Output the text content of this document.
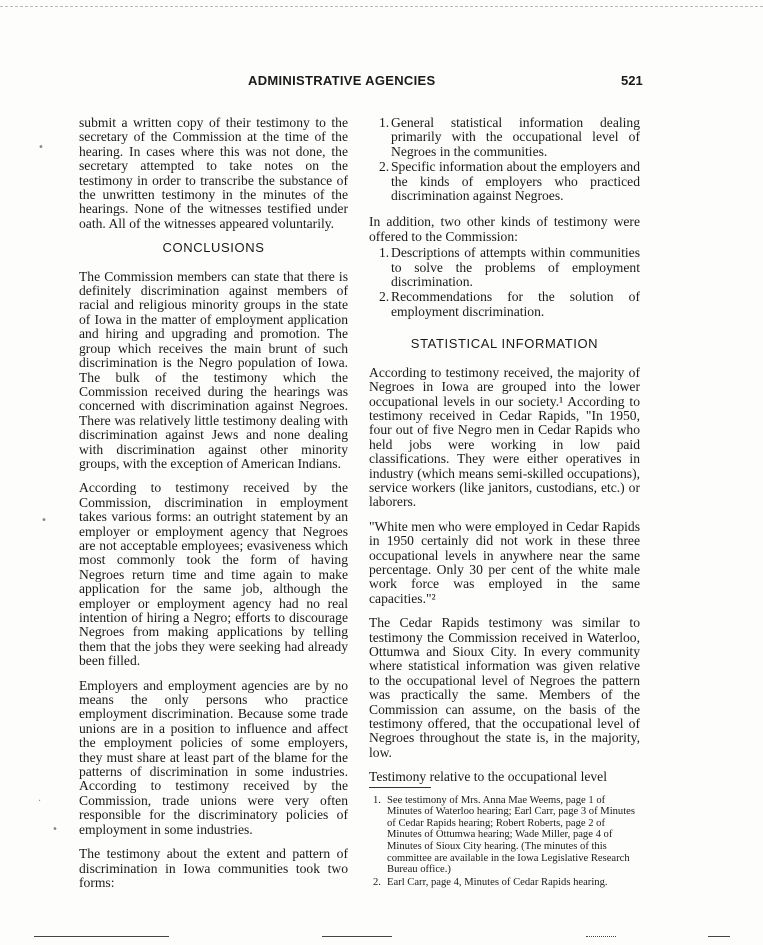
ADMINISTRATIVE AGENCIES	521

submit a written copy of their testimony to the secretary of the Commission at the time of the hearing. In cases where this was not done, the secretary attempted to take notes on the testimony in order to transcribe the substance of the unwritten testimony in the minutes of the hearings. None of the witnesses testified under oath. All of the witnesses appeared voluntarily.

CONCLUSIONS

The Commission members can state that there is definitely discrimination against members of racial and religious minority groups in the state of Iowa in the matter of employment application and hiring and upgrading and promotion. The group which receives the main brunt of such discrimination is the Negro population of Iowa. The bulk of the testimony which the Commission received during the hearings was concerned with discrimination against Negroes. There was relatively little testimony dealing with discrimination against Jews and none dealing with discrimination against other minority groups, with the exception of American Indians.

According to testimony received by the Commission, discrimination in employment takes various forms: an outright statement by an employer or employment agency that Negroes are not acceptable employees; evasiveness which most commonly took the form of having Negroes return time and time again to make application for the same job, although the employer or employment agency had no real intention of hiring a Negro; efforts to discourage Negroes from making applications by telling them that the jobs they were seeking had already been filled.

Employers and employment agencies are by no means the only persons who practice employment discrimination. Because some trade unions are in a position to influence and affect the employment policies of some employers, they must share at least part of the blame for the patterns of discrimination in some industries. According to testimony received by the Commission, trade unions were very often responsible for the discriminatory policies of employment in some industries.

The testimony about the extent and pattern of discrimination in Iowa communities took two forms:

1. General statistical information dealing primarily with the occupational level of Negroes in the communities.
2. Specific information about the employers and the kinds of employers who practiced discrimination against Negroes.

In addition, two other kinds of testimony were offered to the Commission:

1. Descriptions of attempts within communities to solve the problems of employment discrimination.
2. Recommendations for the solution of employment discrimination.
STATISTICAL INFORMATION

According to testimony received, the majority of Negroes in Iowa are grouped into the lower occupational levels in our society.¹ According to testimony received in Cedar Rapids, "In 1950, four out of five Negro men in Cedar Rapids who held jobs were working in low paid classifications. They were either operatives in industry (which means semi-skilled occupations), service workers (like janitors, custodians, etc.) or laborers.

"White men who were employed in Cedar Rapids in 1950 certainly did not work in these three occupational levels in anywhere near the same percentage. Only 30 per cent of the white male work force was employed in the same capacities."²

The Cedar Rapids testimony was similar to testimony the Commission received in Waterloo, Ottumwa and Sioux City. In every community where statistical information was given relative to the occupational level of Negroes the pattern was practically the same. Members of the Commission can assume, on the basis of the testimony offered, that the occupational level of Negroes throughout the state is, in the majority, low.

Testimony relative to the occupational level

1. See testimony of Mrs. Anna Mae Weems, page 1 of Minutes of Waterloo hearing; Earl Carr, page 3 of Minutes of Cedar Rapids hearing; Robert Roberts, page 2 of Minutes of Ottumwa hearing; Wade Miller, page 4 of Minutes of Sioux City hearing. (The minutes of this committee are available in the Iowa Legislative Research Bureau office.)
2. Earl Carr, page 4, Minutes of Cedar Rapids hearing.
•
•
·
•
